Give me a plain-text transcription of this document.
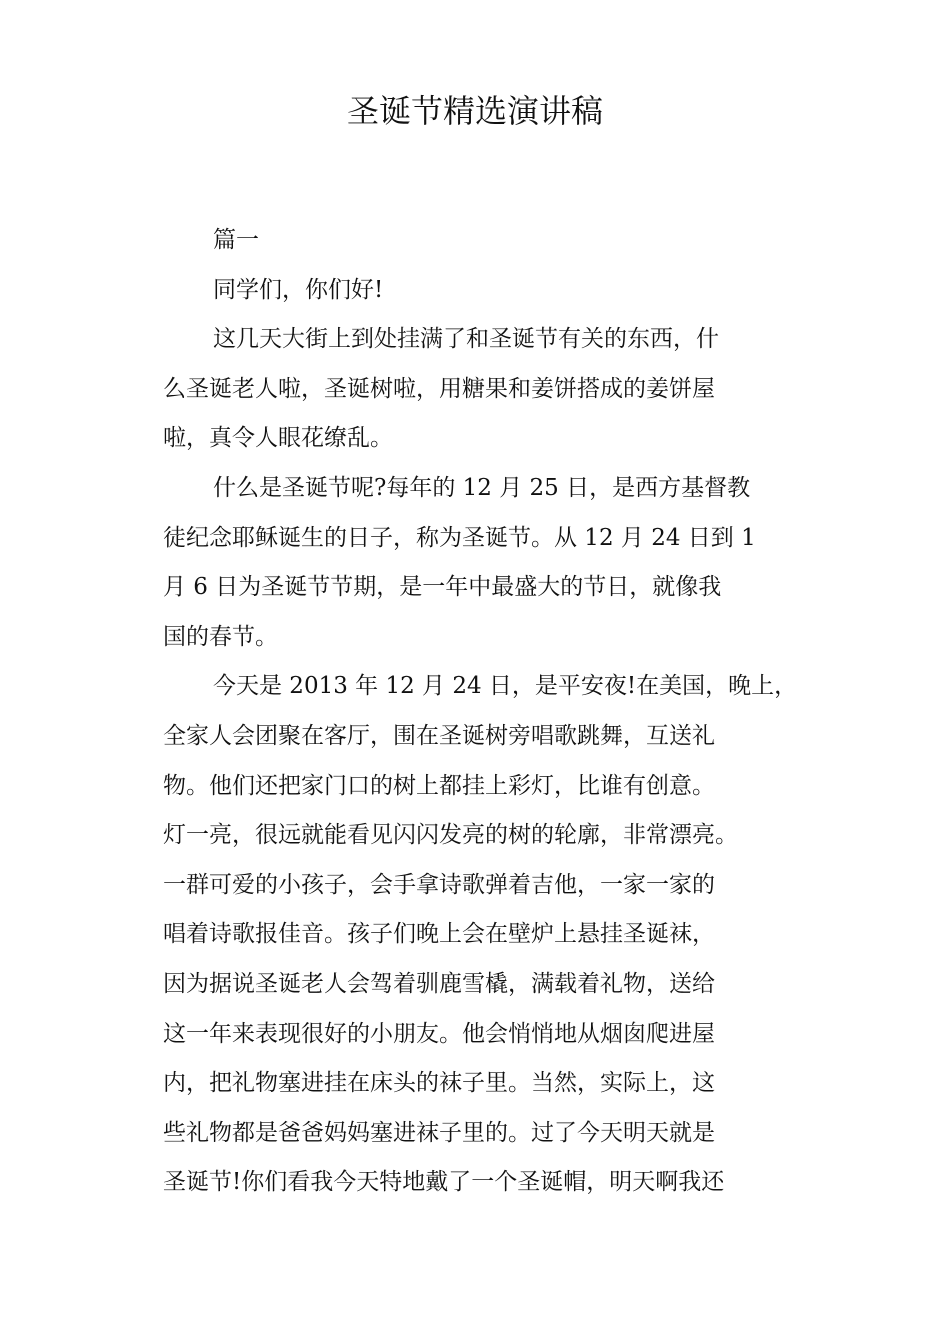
圣诞节精选演讲稿
篇一
同学们，你们好!
这几天大街上到处挂满了和圣诞节有关的东西，什
么圣诞老人啦，圣诞树啦，用糖果和姜饼搭成的姜饼屋
啦，真令人眼花缭乱。
什么是圣诞节呢?每年的 12 月 25 日，是西方基督教
徒纪念耶稣诞生的日子，称为圣诞节。从 12 月 24 日到 1
月 6 日为圣诞节节期，是一年中最盛大的节日，就像我
国的春节。
今天是 2013 年 12 月 24 日，是平安夜!在美国，晚上，
全家人会团聚在客厅，围在圣诞树旁唱歌跳舞，互送礼
物。他们还把家门口的树上都挂上彩灯，比谁有创意。
灯一亮，很远就能看见闪闪发亮的树的轮廓，非常漂亮。
一群可爱的小孩子，会手拿诗歌弹着吉他，一家一家的
唱着诗歌报佳音。孩子们晚上会在壁炉上悬挂圣诞袜，
因为据说圣诞老人会驾着驯鹿雪橇，满载着礼物，送给
这一年来表现很好的小朋友。他会悄悄地从烟囱爬进屋
内，把礼物塞进挂在床头的袜子里。当然，实际上，这
些礼物都是爸爸妈妈塞进袜子里的。过了今天明天就是
圣诞节!你们看我今天特地戴了一个圣诞帽，明天啊我还
